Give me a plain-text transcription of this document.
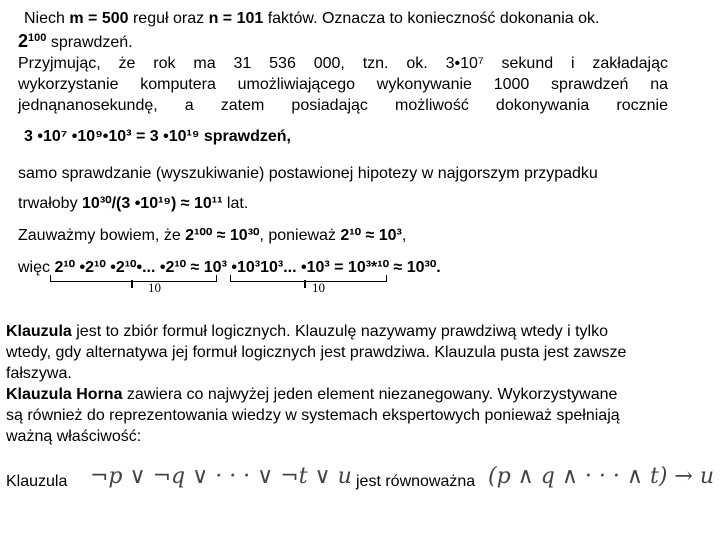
Niech m = 500 reguł oraz n = 101 faktów. Oznacza to konieczność dokonania ok.
$2^{100}$ sprawdzeń.
Przyjmując, że rok ma 31 536 000, tzn. ok. 3•10⁷ sekund i zakładając
wykorzystanie komputera umożliwiającego wykonywanie 1000 sprawdzeń na
jednąnanosekundę, a zatem posiadając możliwość dokonywania rocznie
3 •10⁷ •10⁹•10³ = 3 •10¹⁹ sprawdzeń,
samo sprawdzanie (wyszukiwanie) postawionej hipotezy w najgorszym przypadku
trwałoby 10³⁰/(3 •10¹⁹) ≈ 10¹¹ lat.
Zauważmy bowiem, że 2¹⁰⁰ ≈ 10³⁰, ponieważ 2¹⁰ ≈ 10³,
więc 2¹⁰ •2¹⁰ •2¹⁰•... •2¹⁰ ≈ 10³ •10³10³... •10³ = 10³*¹⁰ ≈ 10³⁰.
10	10
Klauzula jest to zbiór formuł logicznych. Klauzulę nazywamy prawdziwą wtedy i tylko
wtedy, gdy alternatywa jej formuł logicznych jest prawdziwa. Klauzula pusta jest zawsze
fałszywa.
Klauzula Horna zawiera co najwyżej jeden element niezanegowany. Wykorzystywane
są również do reprezentowania wiedzy w systemach ekspertowych ponieważ spełniają
ważną właściwość:
Klauzula ¬p ∨ ¬q ∨ · · · ∨ ¬t ∨ u jest równoważna (p ∧ q ∧ · · · ∧ t) → u
